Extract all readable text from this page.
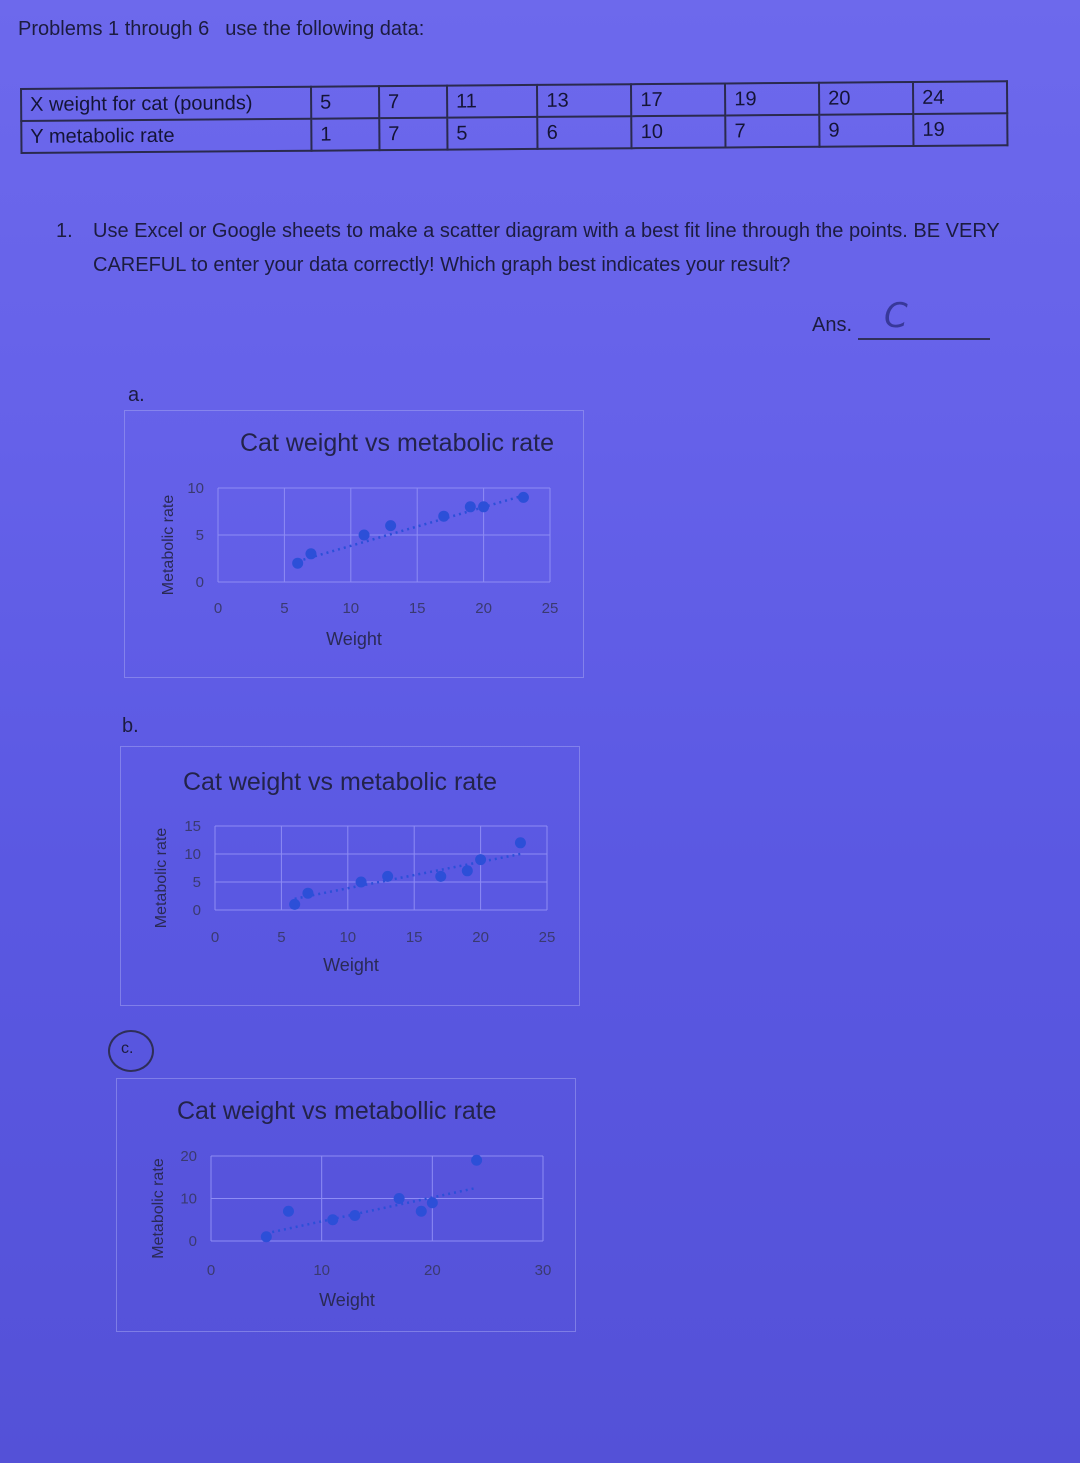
Problems 1 through 6 use the following data:
X weight for cat (pounds)	5	7	11	13	17	19	20	24
Y metabolic rate	1	7	5	6	10	7	9	19
1. Use Excel or Google sheets to make a scatter diagram with a best fit line through the points. BE VERY CAREFUL to enter your data correctly! Which graph best indicates your result?
Ans. C
a.
b.
c.
Cat weight vs metabolic rate
0
5
10
0	5	10	15	20	25
Weight
Metabolic rate
Cat weight vs metabolic rate
0
5
10
15
0	5	10	15	20	25
Weight
Metabolic rate
Cat weight vs metabollic rate
0
10
20
0	10	20	30
Weight
Metabolic rate
